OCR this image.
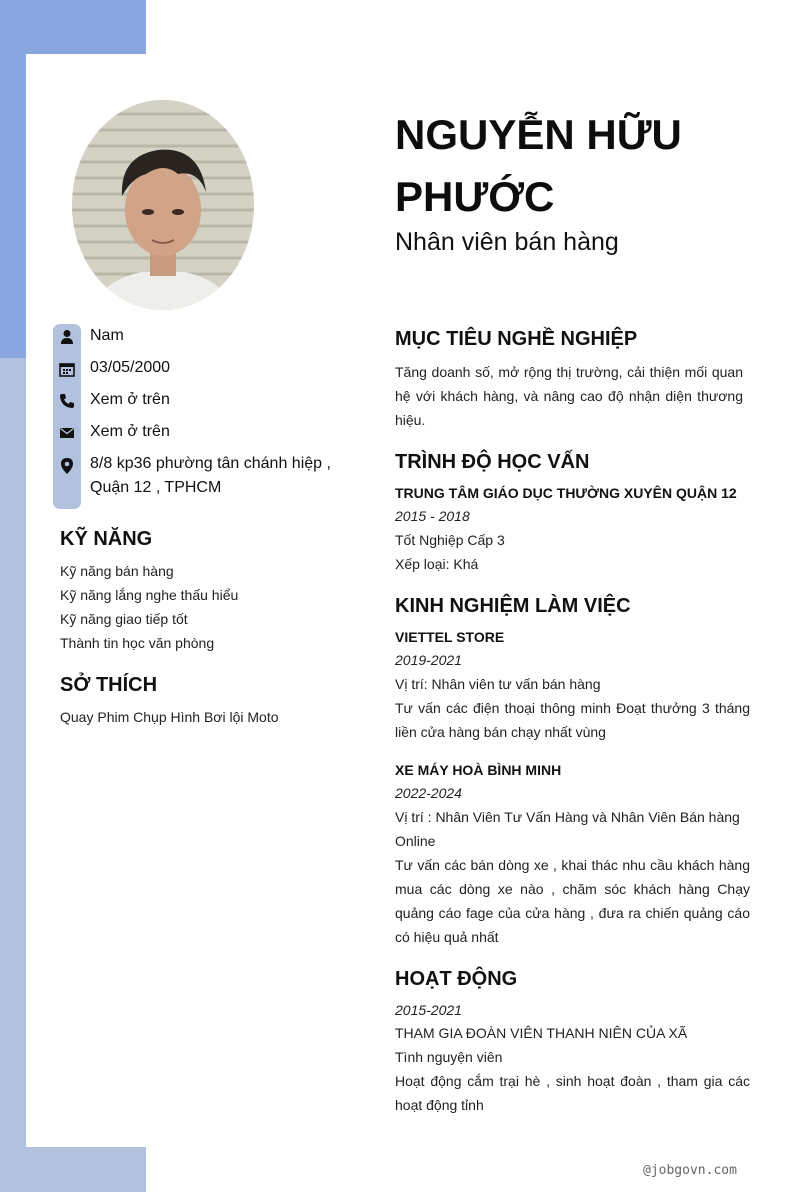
NGUYỄN HỮU PHƯỚC
Nhân viên bán hàng
Nam
03/05/2000
Xem ở trên
Xem ở trên
8/8 kp36 phường tân chánh hiệp ,
Quận 12 , TPHCM
KỸ NĂNG
Kỹ năng bán hàng
Kỹ năng lắng nghe thấu hiểu
Kỹ năng giao tiếp tốt
Thành tin học văn phòng
SỞ THÍCH
Quay Phim Chụp Hình Bơi lội Moto
MỤC TIÊU NGHỀ NGHIỆP
Tăng doanh số, mở rộng thị trường, cải thiện mối quan hệ với khách hàng, và nâng cao độ nhận diện thương hiệu.
TRÌNH ĐỘ HỌC VẤN
TRUNG TÂM GIÁO DỤC THƯỜNG XUYÊN QUẬN 12
2015 - 2018
Tốt Nghiệp Cấp 3
Xếp loại: Khá
KINH NGHIỆM LÀM VIỆC
VIETTEL STORE
2019-2021
Vị trí: Nhân viên tư vấn bán hàng
Tư vấn các điện thoại thông minh Đoạt thưởng 3 tháng liền cửa hàng bán chạy nhất vùng
XE MÁY HOÀ BÌNH MINH
2022-2024
Vị trí : Nhân Viên Tư Vấn Hàng và Nhân Viên Bán hàng Online
Tư vấn các bán dòng xe , khai thác nhu cầu khách hàng mua các dòng xe nào , chăm sóc khách hàng Chạy quảng cáo fage của cửa hàng , đưa ra chiến quảng cáo có hiệu quả nhất
HOẠT ĐỘNG
2015-2021
THAM GIA ĐOÀN VIÊN THANH NIÊN CỦA XÃ
Tình nguyện viên
Hoạt động cắm trại hè , sinh hoạt đoàn , tham gia các hoạt động tỉnh
@jobgovn.com
